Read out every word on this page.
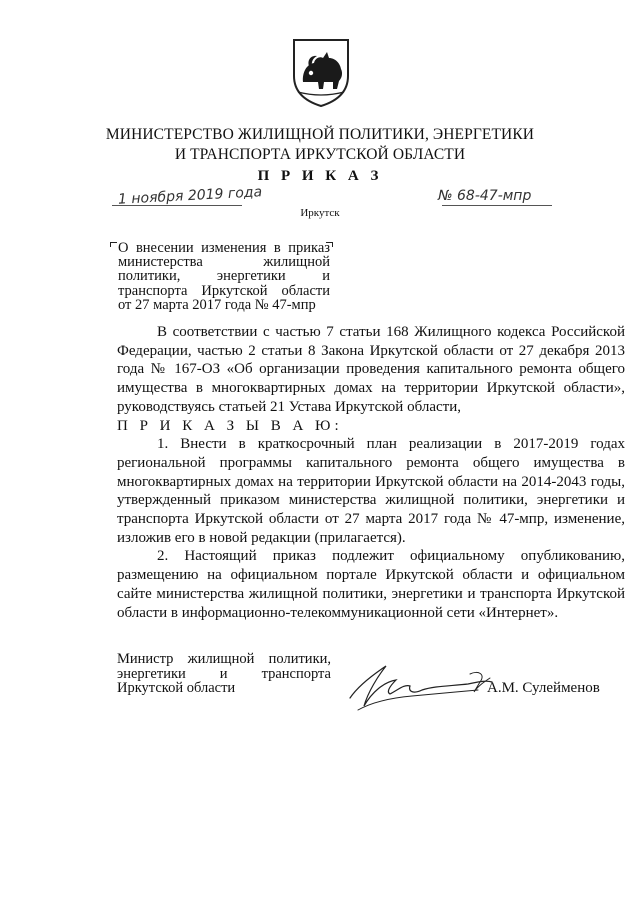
МИНИСТЕРСТВО ЖИЛИЩНОЙ ПОЛИТИКИ, ЭНЕРГЕТИКИ
И ТРАНСПОРТА ИРКУТСКОЙ ОБЛАСТИ
П Р И К А З
1 ноября 2019 года	№ 68-47-мпр
Иркутск
О внесении изменения в приказ
министерства жилищной
политики, энергетики и
транспорта Иркутской области
от 27 марта 2017 года № 47-мпр

В соответствии с частью 7 статьи 168 Жилищного кодекса Российской Федерации, частью 2 статьи 8 Закона Иркутской области от 27 декабря 2013 года № 167-ОЗ «Об организации проведения капитального ремонта общего имущества в многоквартирных домах на территории Иркутской области», руководствуясь статьей 21 Устава Иркутской области,

П Р И К А З Ы В А Ю:

1. Внести в краткосрочный план реализации в 2017-2019 годах региональной программы капитального ремонта общего имущества в многоквартирных домах на территории Иркутской области на 2014-2043 годы, утвержденный приказом министерства жилищной политики, энергетики и транспорта Иркутской области от 27 марта 2017 года № 47-мпр, изменение, изложив его в новой редакции (прилагается).

2. Настоящий приказ подлежит официальному опубликованию, размещению на официальном портале Иркутской области и официальном сайте министерства жилищной политики, энергетики и транспорта Иркутской области в информационно-телекоммуникационной сети «Интернет».

Министр жилищной политики,
энергетики и транспорта
Иркутской области	А.М. Сулейменов
